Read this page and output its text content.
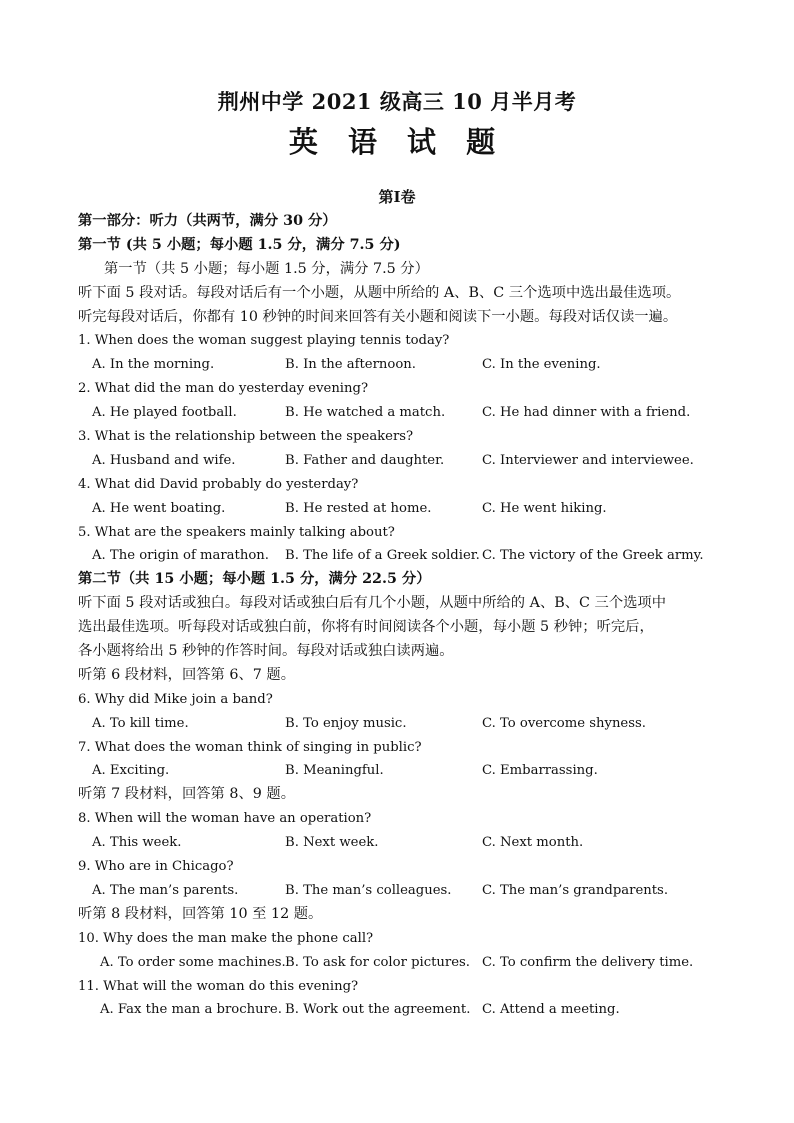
荆州中学 2021 级高三 10 月半月考
英 语 试 题
第Ⅰ卷
第一部分：听力（共两节，满分 30 分）
第一节 (共 5 小题；每小题 1.5 分，满分 7.5 分)
第一节（共 5 小题；每小题 1.5 分，满分 7.5 分）
听下面 5 段对话。每段对话后有一个小题，从题中所给的 A、B、C 三个选项中选出最佳选项。
听完每段对话后，你都有 10 秒钟的时间来回答有关小题和阅读下一小题。每段对话仅读一遍。
1. When does the woman suggest playing tennis today?
A. In the morning.	B. In the afternoon.	C. In the evening.
2. What did the man do yesterday evening?
A. He played football.	B. He watched a match.	C. He had dinner with a friend.
3. What is the relationship between the speakers?
A. Husband and wife.	B. Father and daughter.	C. Interviewer and interviewee.
4. What did David probably do yesterday?
A. He went boating.	B. He rested at home.	C. He went hiking.
5. What are the speakers mainly talking about?
A. The origin of marathon.	B. The life of a Greek soldier. C. The victory of the Greek army.
第二节（共 15 小题；每小题 1.5 分，满分 22.5 分）
听下面 5 段对话或独白。每段对话或独白后有几个小题，从题中所给的 A、B、C 三个选项中
选出最佳选项。听每段对话或独白前，你将有时间阅读各个小题，每小题 5 秒钟；听完后，
各小题将给出 5 秒钟的作答时间。每段对话或独白读两遍。
听第 6 段材料，回答第 6、7 题。
6. Why did Mike join a band?
A. To kill time.	B. To enjoy music.	C. To overcome shyness.
7. What does the woman think of singing in public?
A. Exciting.	B. Meaningful.	C. Embarrassing.
听第 7 段材料，回答第 8、9 题。
8. When will the woman have an operation?
A. This week.	B. Next week.	C. Next month.
9. Who are in Chicago?
A. The man’s parents.	B. The man’s colleagues.	C. The man’s grandparents.
听第 8 段材料，回答第 10 至 12 题。
10. Why does the man make the phone call?
A. To order some machines. B. To ask for color pictures. C. To confirm the delivery time.
11. What will the woman do this evening?
A. Fax the man a brochure. B. Work out the agreement. C. Attend a meeting.
